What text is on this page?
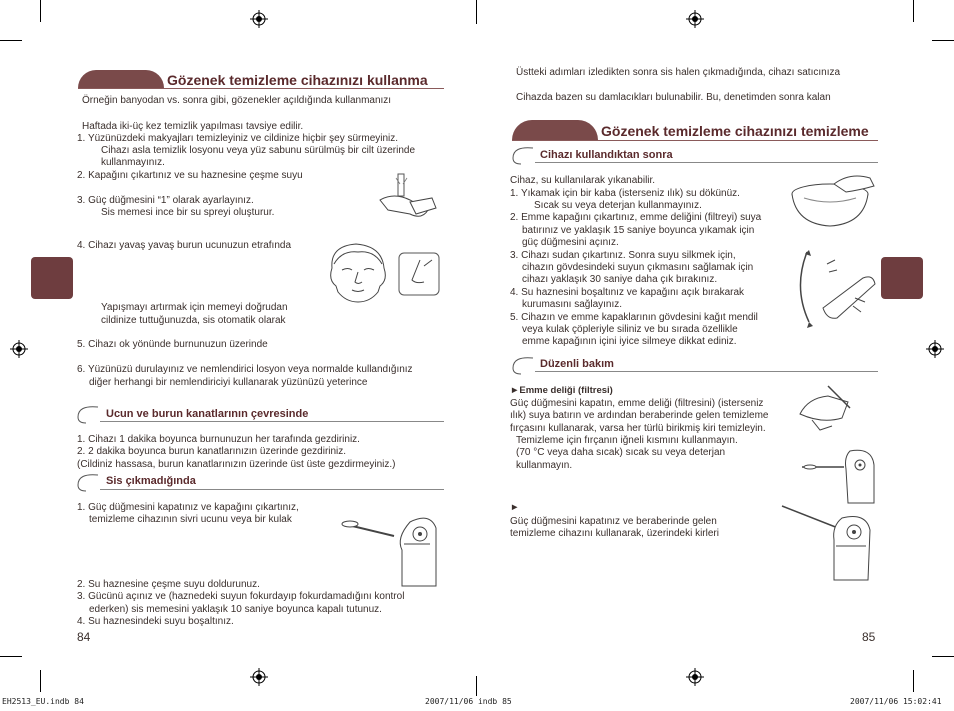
Gözenek temizleme cihazınızı kullanma
Örneğin banyodan vs. sonra gibi, gözenekler açıldığında kullanmanızı
Haftada iki-üç kez temizlik yapılması tavsiye edilir.
1. Yüzünüzdeki makyajları temizleyiniz ve cildinize hiçbir şey sürmeyiniz.
Cihazı asla temizlik losyonu veya yüz sabunu sürülmüş bir cilt üzerinde
kullanmayınız.
2. Kapağını çıkartınız ve su haznesine çeşme suyu
3. Güç düğmesini “1” olarak ayarlayınız.
Sis memesi ince bir su spreyi oluşturur.
4. Cihazı yavaş yavaş burun ucunuzun etrafında
Yapışmayı artırmak için memeyi doğrudan
cildinize tuttuğunuzda, sis otomatik olarak
5. Cihazı ok yönünde burnunuzun üzerinde
6. Yüzünüzü durulayınız ve nemlendirici losyon veya normalde kullandığınız
diğer herhangi bir nemlendiriciyi kullanarak yüzünüzü yeterince
Ucun ve burun kanatlarının çevresinde
1. Cihazı 1 dakika boyunca burnunuzun her tarafında gezdiriniz.
2. 2 dakika boyunca burun kanatlarınızın üzerinde gezdiriniz.
(Cildiniz hassasa, burun kanatlarınızın üzerinde üst üste gezdirmeyiniz.)
Sis çıkmadığında
1. Güç düğmesini kapatınız ve kapağını çıkartınız,
temizleme cihazının sivri ucunu veya bir kulak
2. Su haznesine çeşme suyu doldurunuz.
3. Gücünü açınız ve (haznedeki suyun fokurdayıp fokurdamadığını kontrol
ederken) sis memesini yaklaşık 10 saniye boyunca kapalı tutunuz.
4. Su haznesindeki suyu boşaltınız.
84
Üstteki adımları izledikten sonra sis halen çıkmadığında, cihazı satıcınıza
Cihazda bazen su damlacıkları bulunabilir. Bu, denetimden sonra kalan
Gözenek temizleme cihazınızı temizleme
Cihazı kullandıktan sonra
Cihaz, su kullanılarak yıkanabilir.
1. Yıkamak için bir kaba (isterseniz ılık) su dökünüz.
Sıcak su veya deterjan kullanmayınız.
2. Emme kapağını çıkartınız, emme deliğini (filtreyi) suya
batırınız ve yaklaşık 15 saniye boyunca yıkamak için
güç düğmesini açınız.
3. Cihazı sudan çıkartınız. Sonra suyu silkmek için,
cihazın gövdesindeki suyun çıkmasını sağlamak için
cihazı yaklaşık 30 saniye daha çık bırakınız.
4. Su haznesini boşaltınız ve kapağını açık bırakarak
kurumasını sağlayınız.
5. Cihazın ve emme kapaklarının gövdesini kağıt mendil
veya kulak çöpleriyle siliniz ve bu sırada özellikle
emme kapağının içini iyice silmeye dikkat ediniz.
Düzenli bakım
►Emme deliği (filtresi)
Güç düğmesini kapatın, emme deliği (filtresini) (isterseniz
ılık) suya batırın ve ardından beraberinde gelen temizleme
fırçasını kullanarak, varsa her türlü birikmiş kiri temizleyin.
Temizleme için fırçanın iğneli kısmını kullanmayın.
(70 °C veya daha sıcak) sıcak su veya deterjan
kullanmayın.
►
Güç düğmesini kapatınız ve beraberinde gelen
temizleme cihazını kullanarak, üzerindeki kirleri
85
EH2513_EU.indb 84	2007/11/06 indb 85	2007/11/06 15:02:41
